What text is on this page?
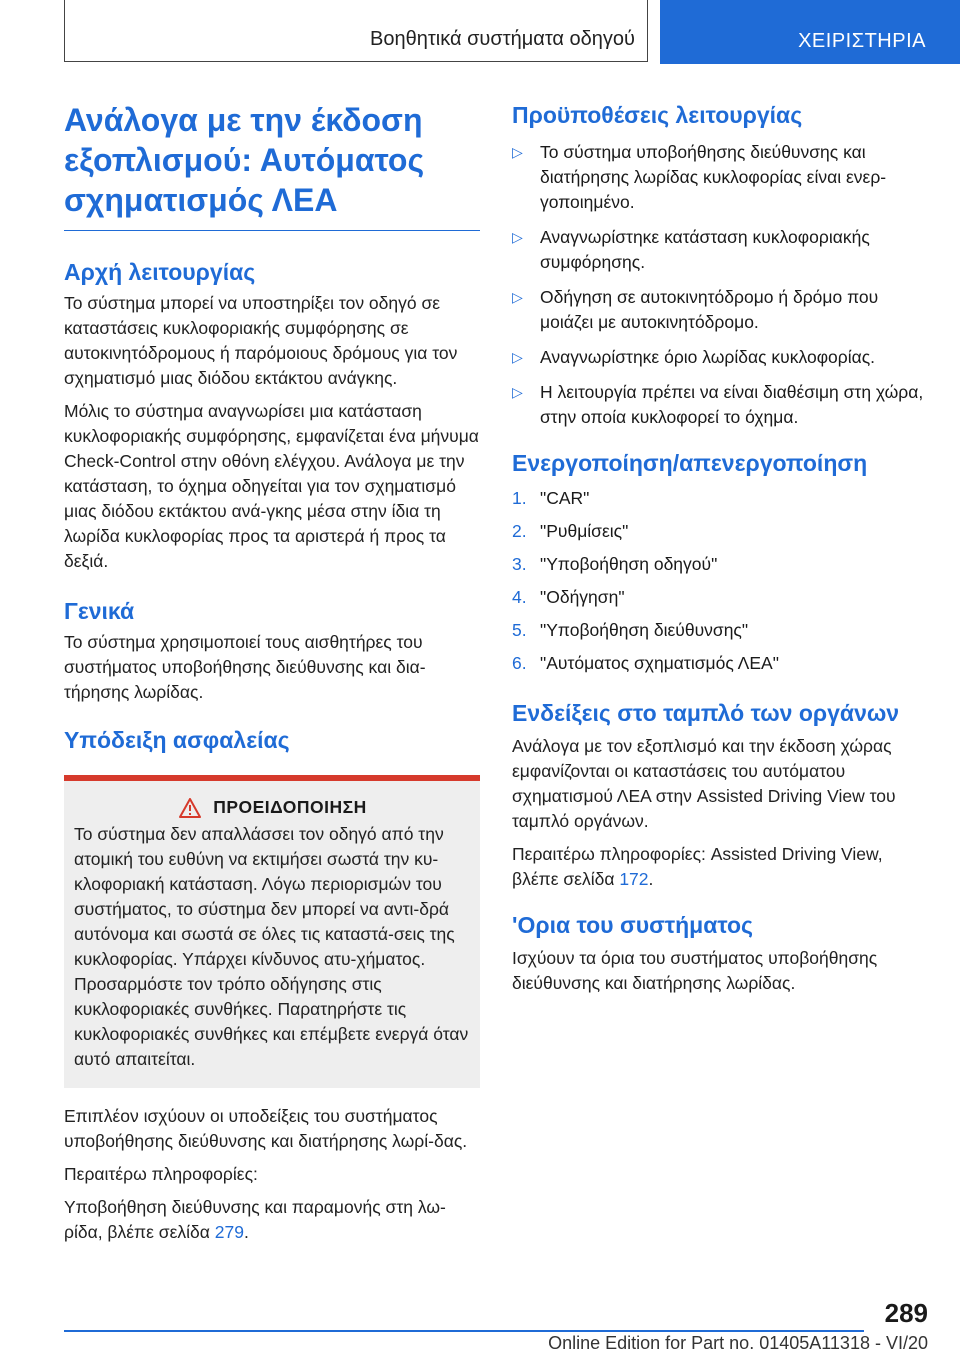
Βοηθητικά συστήματα οδηγού	ΧΕΙΡΙΣΤΗΡΙΑ
Ανάλογα με την έκδοση εξοπλισμού: Αυτόματος σχηματισμός ΛΕΑ
Αρχή λειτουργίας

Το σύστημα μπορεί να υποστηρίξει τον οδηγό σε καταστάσεις κυκλοφοριακής συμφόρησης σε αυτοκινητόδρομους ή παρόμοιους δρόμους για τον σχηματισμό μιας διόδου εκτάκτου ανάγκης.

Μόλις το σύστημα αναγνωρίσει μια κατάσταση κυκλοφοριακής συμφόρησης, εμφανίζεται ένα μήνυμα Check-Control στην οθόνη ελέγχου. Ανάλογα με την κατάσταση, το όχημα οδηγείται για τον σχηματισμό μιας διόδου εκτάκτου ανά-γκης μέσα στην ίδια τη λωρίδα κυκλοφορίας προς τα αριστερά ή προς τα δεξιά.

Γενικά

Το σύστημα χρησιμοποιεί τους αισθητήρες του συστήματος υποβοήθησης διεύθυνσης και δια-τήρησης λωρίδας.

Υπόδειξη ασφαλείας
ΠΡΟΕΙΔΟΠΟΙΗΣΗ
Το σύστημα δεν απαλλάσσει τον οδηγό από την ατομική του ευθύνη να εκτιμήσει σωστά την κυ-κλοφοριακή κατάσταση. Λόγω περιορισμών του συστήματος, το σύστημα δεν μπορεί να αντι-δρά αυτόνομα και σωστά σε όλες τις καταστά-σεις της κυκλοφορίας. Υπάρχει κίνδυνος ατυ-χήματος. Προσαρμόστε τον τρόπο οδήγησης στις κυκλοφοριακές συνθήκες. Παρατηρήστε τις κυκλοφοριακές συνθήκες και επέμβετε ενεργά όταν αυτό απαιτείται.

Επιπλέον ισχύουν οι υποδείξεις του συστήματος υποβοήθησης διεύθυνσης και διατήρησης λωρί-δας.

Περαιτέρω πληροφορίες:

Υποβοήθηση διεύθυνσης και παραμονής στη λω-ρίδα, βλέπε σελίδα 279.

Προϋποθέσεις λειτουργίας
▷ Το σύστημα υποβοήθησης διεύθυνσης και διατήρησης λωρίδας κυκλοφορίας είναι ενερ-γοποιημένο.
▷ Αναγνωρίστηκε κατάσταση κυκλοφοριακής συμφόρησης.
▷ Οδήγηση σε αυτοκινητόδρομο ή δρόμο που μοιάζει με αυτοκινητόδρομο.
▷ Αναγνωρίστηκε όριο λωρίδας κυκλοφορίας.
▷ Η λειτουργία πρέπει να είναι διαθέσιμη στη χώρα, στην οποία κυκλοφορεί το όχημα.
Ενεργοποίηση/απενεργοποίηση
1. "CAR"
2. "Ρυθμίσεις"
3. "Υποβοήθηση οδηγού"
4. "Οδήγηση"
5. "Υποβοήθηση διεύθυνσης"
6. "Αυτόματος σχηματισμός ΛΕΑ"
Ενδείξεις στο ταμπλό των οργάνων

Ανάλογα με τον εξοπλισμό και την έκδοση χώρας εμφανίζονται οι καταστάσεις του αυτόματου σχηματισμού ΛΕΑ στην Assisted Driving View του ταμπλό οργάνων.

Περαιτέρω πληροφορίες: Assisted Driving View, βλέπε σελίδα 172.

'Ορια του συστήματος

Ισχύουν τα όρια του συστήματος υποβοήθησης διεύθυνσης και διατήρησης λωρίδας.

289
Online Edition for Part no. 01405A11318 - VI/20
